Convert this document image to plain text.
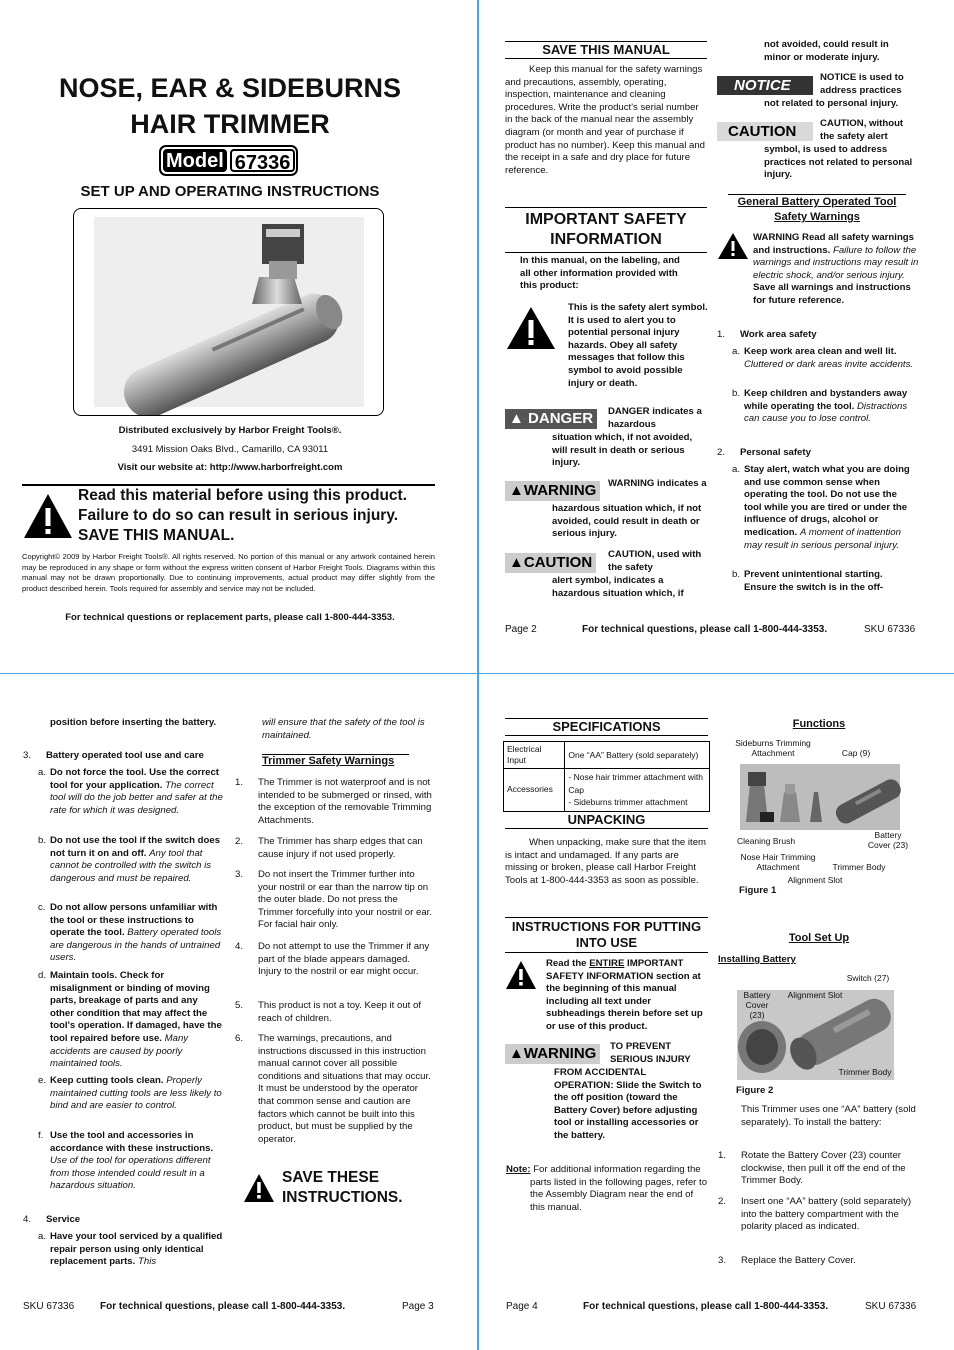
NOSE, EAR & SIDEBURNS
HAIR TRIMMER
Model 67336
SET UP AND OPERATING INSTRUCTIONS
Distributed exclusively by Harbor Freight Tools®.
3491 Mission Oaks Blvd., Camarillo, CA 93011
Visit our website at: http://www.harborfreight.com
Read this material before using this product. Failure to do so can result in serious injury. SAVE THIS MANUAL.
Copyright© 2009 by Harbor Freight Tools®. All rights reserved. No portion of this manual or any artwork contained herein may be reproduced in any shape or form without the express written consent of Harbor Freight Tools. Diagrams within this manual may not be drawn proportionally. Due to continuing improvements, actual product may differ slightly from the product described herein. Tools required for assembly and service may not be included.
For technical questions or replacement parts, please call 1-800-444-3353.
SAVE THIS MANUAL
Keep this manual for the safety warnings and precautions, assembly, operating, inspection, maintenance and cleaning procedures. Write the product's serial number in the back of the manual near the assembly diagram (or month and year of purchase if product has no number). Keep this manual and the receipt in a safe and dry place for future reference.
IMPORTANT SAFETY INFORMATION
In this manual, on the labeling, and all other information provided with this product:
This is the safety alert symbol. It is used to alert you to potential personal injury hazards. Obey all safety messages that follow this symbol to avoid possible injury or death.
▲ DANGER	DANGER indicates a hazardous
situation which, if not avoided, will result in death or serious injury.
▲WARNING	WARNING indicates a
hazardous situation which, if not avoided, could result in death or serious injury.
▲CAUTION	CAUTION, used with the safety
alert symbol, indicates a hazardous situation which, if
not avoided, could result in minor or moderate injury.
NOTICE	NOTICE is used to address practices
not related to personal injury.
CAUTION	CAUTION, without the safety alert
symbol, is used to address practices not related to personal injury.
General Battery Operated Tool Safety Warnings
WARNING Read all safety warnings and instructions. Failure to follow the warnings and instructions may result in electric shock, and/or serious injury. Save all warnings and instructions for future reference.
1. Work area safety
a. Keep work area clean and well lit. Cluttered or dark areas invite accidents.
b. Keep children and bystanders away while operating the tool. Distractions can cause you to lose control.
2. Personal safety
a. Stay alert, watch what you are doing and use common sense when operating the tool. Do not use the tool while you are tired or under the influence of drugs, alcohol or medication. A moment of inattention may result in serious personal injury.
b. Prevent unintentional starting. Ensure the switch is in the off-
Page 2	For technical questions, please call 1-800-444-3353.	SKU 67336
position before inserting the battery.
3. Battery operated tool use and care
a. Do not force the tool. Use the correct tool for your application. The correct tool will do the job better and safer at the rate for which it was designed.
b. Do not use the tool if the switch does not turn it on and off. Any tool that cannot be controlled with the switch is dangerous and must be repaired.
c. Do not allow persons unfamiliar with the tool or these instructions to operate the tool. Battery operated tools are dangerous in the hands of untrained users.
d. Maintain tools. Check for misalignment or binding of moving parts, breakage of parts and any other condition that may affect the tool's operation. If damaged, have the tool repaired before use. Many accidents are caused by poorly maintained tools.
e. Keep cutting tools clean. Properly maintained cutting tools are less likely to bind and are easier to control.
f. Use the tool and accessories in accordance with these instructions. Use of the tool for operations different from those intended could result in a hazardous situation.
4. Service
a. Have your tool serviced by a qualified repair person using only identical replacement parts. This
will ensure that the safety of the tool is maintained.
Trimmer Safety Warnings
1. The Trimmer is not waterproof and is not intended to be submerged or rinsed, with the exception of the removable Trimming Attachments.
2. The Trimmer has sharp edges that can cause injury if not used properly.
3. Do not insert the Trimmer further into your nostril or ear than the narrow tip on the outer blade. Do not press the Trimmer forcefully into your nostril or ear. For facial hair only.
4. Do not attempt to use the Trimmer if any part of the blade appears damaged. Injury to the nostril or ear might occur.
5. This product is not a toy. Keep it out of reach of children.
6. The warnings, precautions, and instructions discussed in this instruction manual cannot cover all possible conditions and situations that may occur. It must be understood by the operator that common sense and caution are factors which cannot be built into this product, but must be supplied by the operator.
SAVE THESE INSTRUCTIONS.
SKU 67336	For technical questions, please call 1-800-444-3353.	Page 3
SPECIFICATIONS
Electrical Input	One “AA” Battery (sold separately)
Accessories	- Nose hair trimmer attachment with Cap
- Sideburns trimmer attachment
UNPACKING
When unpacking, make sure that the item is intact and undamaged. If any parts are missing or broken, please call Harbor Freight Tools at 1-800-444-3353 as soon as possible.
INSTRUCTIONS FOR PUTTING INTO USE
Read the ENTIRE IMPORTANT SAFETY INFORMATION section at the beginning of this manual including all text under subheadings therein before set up or use of this product.
▲WARNING	TO PREVENT SERIOUS INJURY
FROM ACCIDENTAL OPERATION: Slide the Switch to the off position (toward the Battery Cover) before adjusting tool or installing accessories or the battery.
Note: For additional information regarding the parts listed in the following pages, refer to the Assembly Diagram near the end of this manual.
Functions
Sideburns Trimming Attachment	Cap (9)
Battery Cover (23)
Cleaning Brush
Nose Hair Trimming Attachment	Trimmer Body
Alignment Slot
Figure 1
Tool Set Up
Installing Battery
Switch (27)
Battery Cover (23)
Alignment Slot
Trimmer Body
Figure 2
This Trimmer uses one “AA” battery (sold separately). To install the battery:
1. Rotate the Battery Cover (23) counter clockwise, then pull it off the end of the Trimmer Body.
2. Insert one “AA” battery (sold separately) into the battery compartment with the polarity placed as indicated.
3. Replace the Battery Cover.
Page 4	For technical questions, please call 1-800-444-3353.	SKU 67336
